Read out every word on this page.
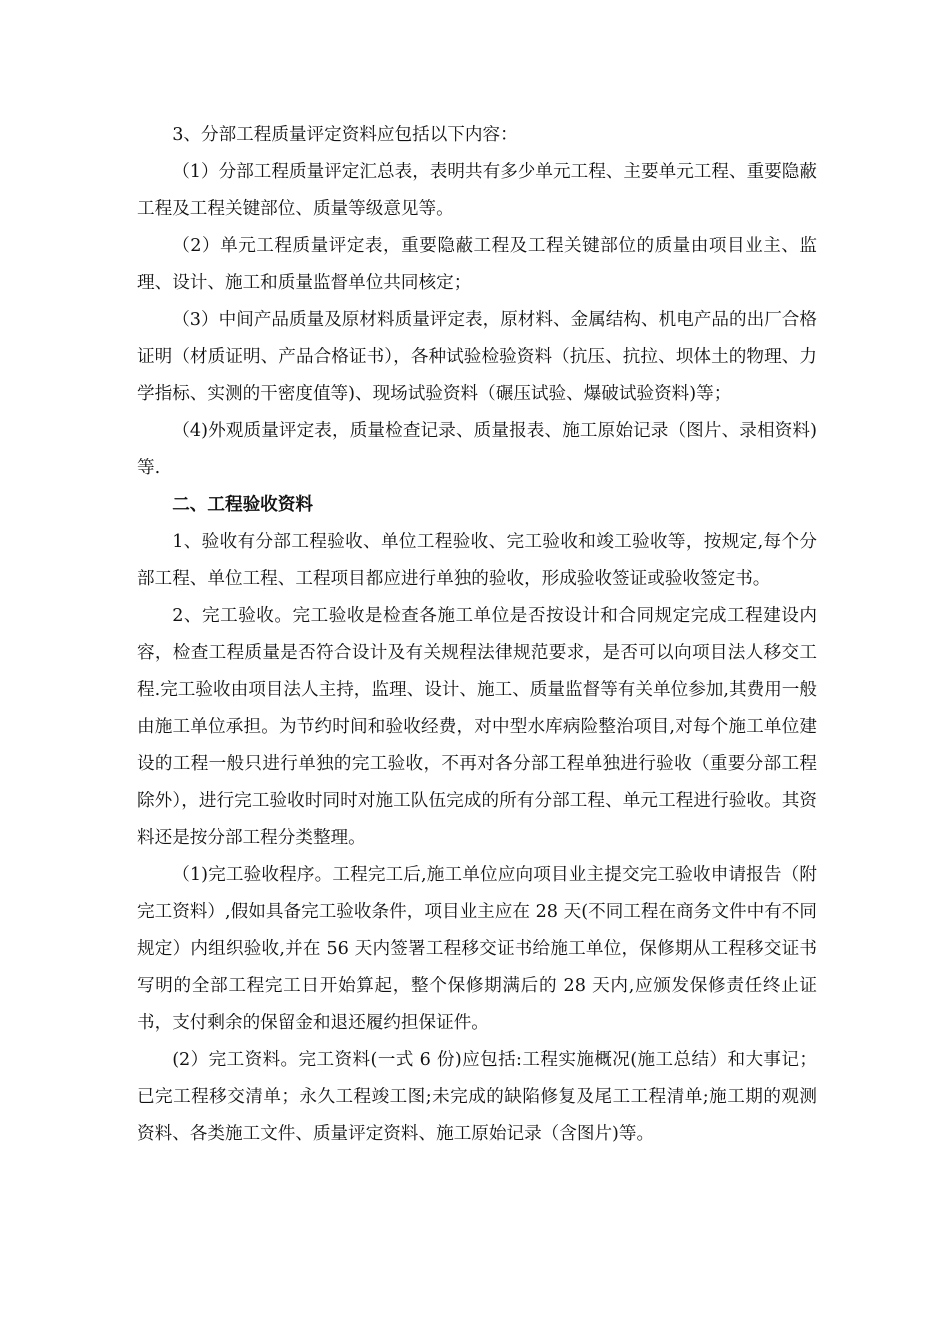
3、分部工程质量评定资料应包括以下内容：

（1）分部工程质量评定汇总表，表明共有多少单元工程、主要单元工程、重要隐蔽工程及工程关键部位、质量等级意见等。

（2）单元工程质量评定表，重要隐蔽工程及工程关键部位的质量由项目业主、监理、设计、施工和质量监督单位共同核定；

（3）中间产品质量及原材料质量评定表，原材料、金属结构、机电产品的出厂合格证明（材质证明、产品合格证书），各种试验检验资料（抗压、抗拉、坝体土的物理、力学指标、实测的干密度值等)、现场试验资料（碾压试验、爆破试验资料)等；

（4)外观质量评定表，质量检查记录、质量报表、施工原始记录（图片、录相资料)等.

二、工程验收资料

1、验收有分部工程验收、单位工程验收、完工验收和竣工验收等，按规定,每个分部工程、单位工程、工程项目都应进行单独的验收，形成验收签证或验收签定书。

2、完工验收。完工验收是检查各施工单位是否按设计和合同规定完成工程建设内容，检查工程质量是否符合设计及有关规程法律规范要求，是否可以向项目法人移交工程.完工验收由项目法人主持，监理、设计、施工、质量监督等有关单位参加,其费用一般由施工单位承担。为节约时间和验收经费，对中型水库病险整治项目,对每个施工单位建设的工程一般只进行单独的完工验收，不再对各分部工程单独进行验收（重要分部工程除外），进行完工验收时同时对施工队伍完成的所有分部工程、单元工程进行验收。其资料还是按分部工程分类整理。

（1)完工验收程序。工程完工后,施工单位应向项目业主提交完工验收申请报告（附完工资料）,假如具备完工验收条件，项目业主应在 28 天(不同工程在商务文件中有不同规定）内组织验收,并在 56 天内签署工程移交证书给施工单位，保修期从工程移交证书写明的全部工程完工日开始算起，整个保修期满后的 28 天内,应颁发保修责任终止证书，支付剩余的保留金和退还履约担保证件。

(2）完工资料。完工资料(一式 6 份)应包括:工程实施概况(施工总结）和大事记；已完工程移交清单；永久工程竣工图;未完成的缺陷修复及尾工工程清单;施工期的观测资料、各类施工文件、质量评定资料、施工原始记录（含图片)等。
